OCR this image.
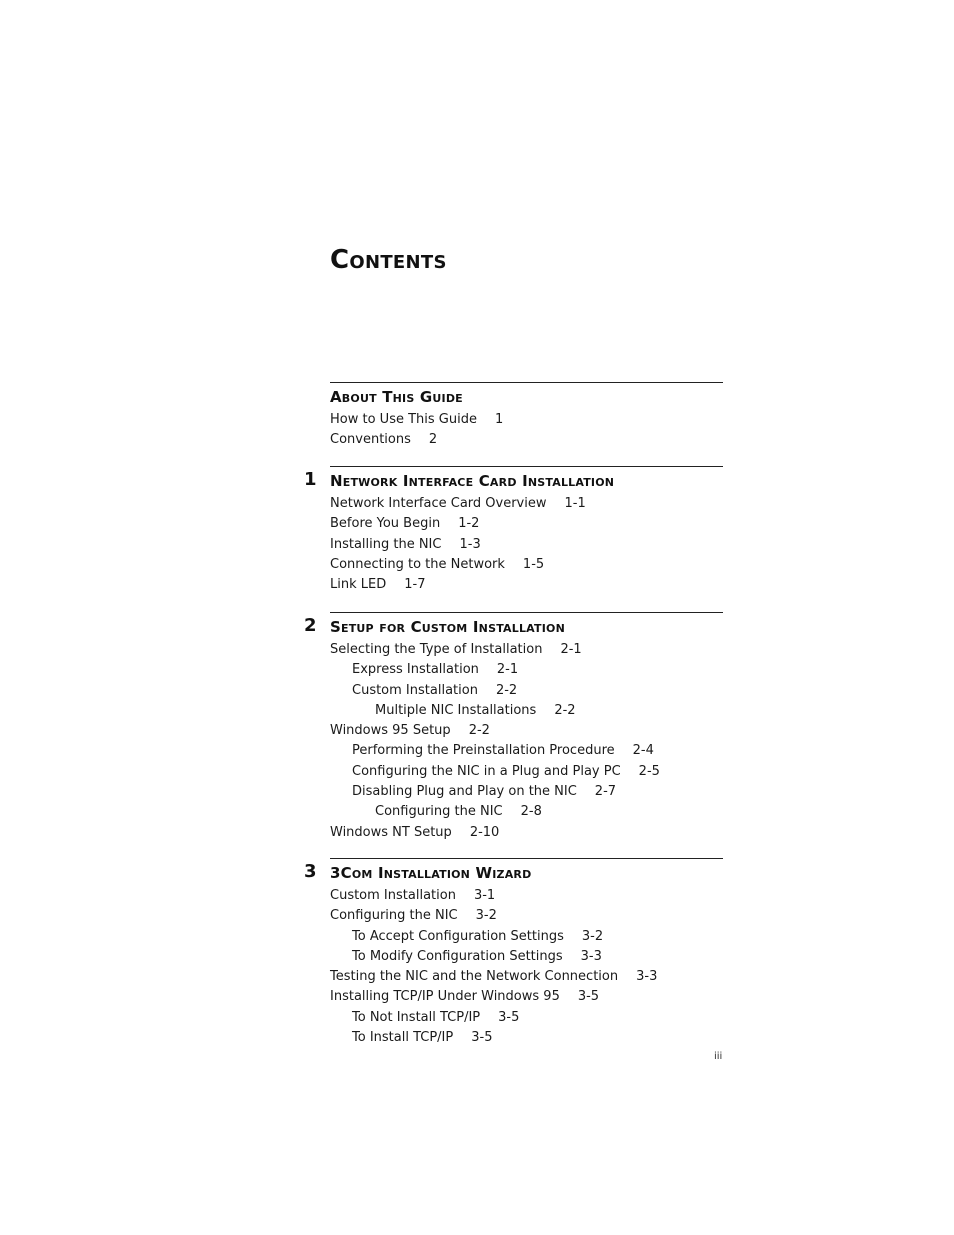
Contents
About This Guide
How to Use This Guide 1
Conventions 2
1 Network Interface Card Installation
Network Interface Card Overview 1-1
Before You Begin 1-2
Installing the NIC 1-3
Connecting to the Network 1-5
Link LED 1-7
2 Setup for Custom Installation
Selecting the Type of Installation 2-1
Express Installation 2-1
Custom Installation 2-2
Multiple NIC Installations 2-2
Windows 95 Setup 2-2
Performing the Preinstallation Procedure 2-4
Configuring the NIC in a Plug and Play PC 2-5
Disabling Plug and Play on the NIC 2-7
Configuring the NIC 2-8
Windows NT Setup 2-10
3 3Com Installation Wizard
Custom Installation 3-1
Configuring the NIC 3-2
To Accept Configuration Settings 3-2
To Modify Configuration Settings 3-3
Testing the NIC and the Network Connection 3-3
Installing TCP/IP Under Windows 95 3-5
To Not Install TCP/IP 3-5
To Install TCP/IP 3-5
iii
